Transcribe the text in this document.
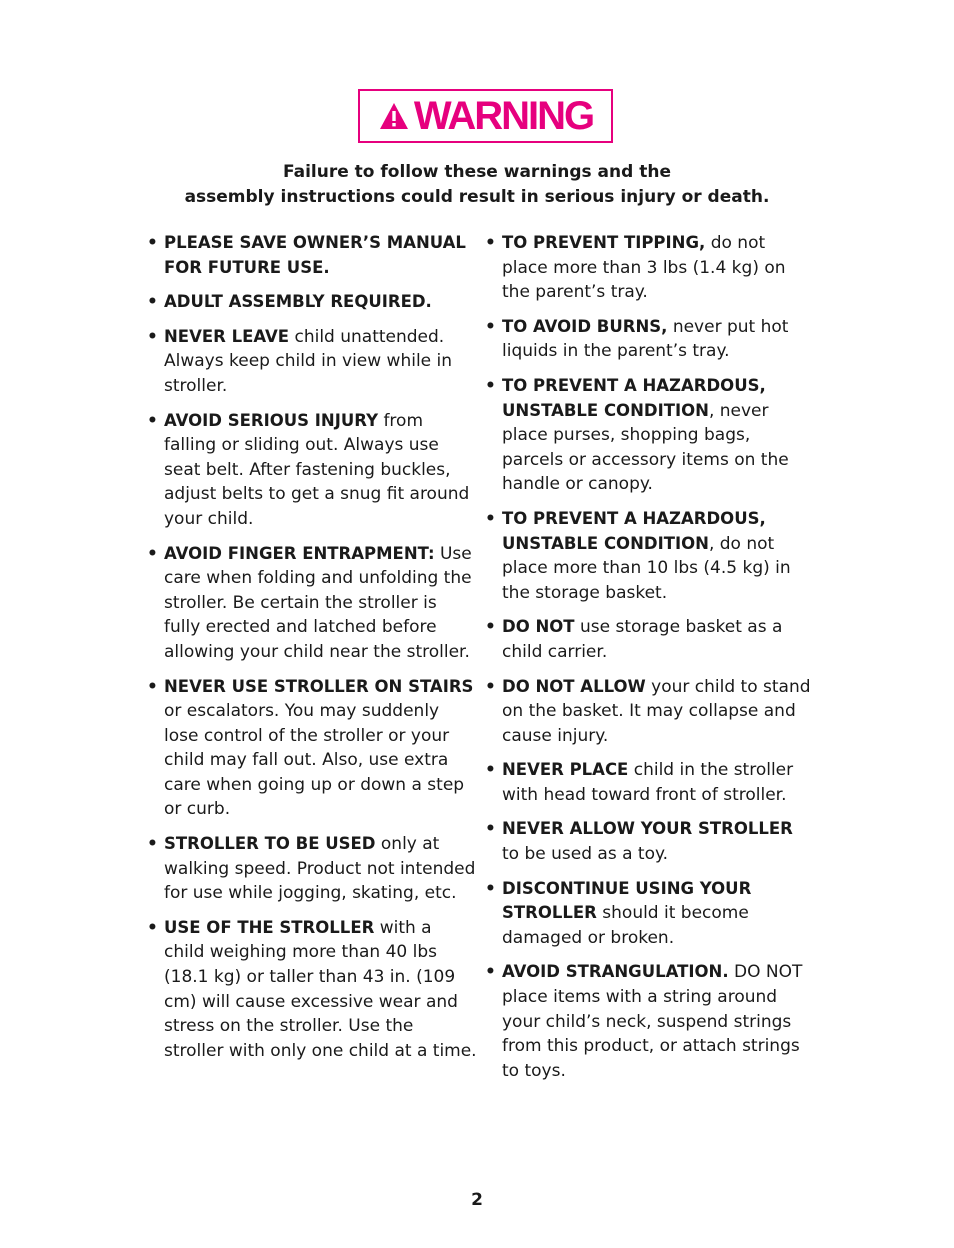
WARNING
Failure to follow these warnings and the
assembly instructions could result in serious injury or death.
• PLEASE SAVE OWNER’S MANUAL FOR FUTURE USE.
• ADULT ASSEMBLY REQUIRED.
• NEVER LEAVE child unattended. Always keep child in view while in stroller.
• AVOID SERIOUS INJURY from falling or sliding out. Always use seat belt. After fastening buckles, adjust belts to get a snug fit around your child.
• AVOID FINGER ENTRAPMENT: Use care when folding and unfolding the stroller. Be certain the stroller is fully erected and latched before allowing your child near the stroller.
• NEVER USE STROLLER ON STAIRS or escalators. You may suddenly lose control of the stroller or your child may fall out. Also, use extra care when going up or down a step or curb.
• STROLLER TO BE USED only at walking speed. Product not intended for use while jogging, skating, etc.
• USE OF THE STROLLER with a child weighing more than 40 lbs (18.1 kg) or taller than 43 in. (109 cm) will cause excessive wear and stress on the stroller. Use the stroller with only one child at a time.
• TO PREVENT TIPPING, do not place more than 3 lbs (1.4 kg) on the parent’s tray.
• TO AVOID BURNS, never put hot liquids in the parent’s tray.
• TO PREVENT A HAZARDOUS, UNSTABLE CONDITION, never place purses, shopping bags, parcels or accessory items on the handle or canopy.
• TO PREVENT A HAZARDOUS, UNSTABLE CONDITION, do not place more than 10 lbs (4.5 kg) in the storage basket.
• DO NOT use storage basket as a child carrier.
• DO NOT ALLOW your child to stand on the basket. It may collapse and cause injury.
• NEVER PLACE child in the stroller with head toward front of stroller.
• NEVER ALLOW YOUR STROLLER to be used as a toy.
• DISCONTINUE USING YOUR STROLLER should it become damaged or broken.
• AVOID STRANGULATION. DO NOT place items with a string around your child’s neck, suspend strings from this product, or attach strings to toys.
2
